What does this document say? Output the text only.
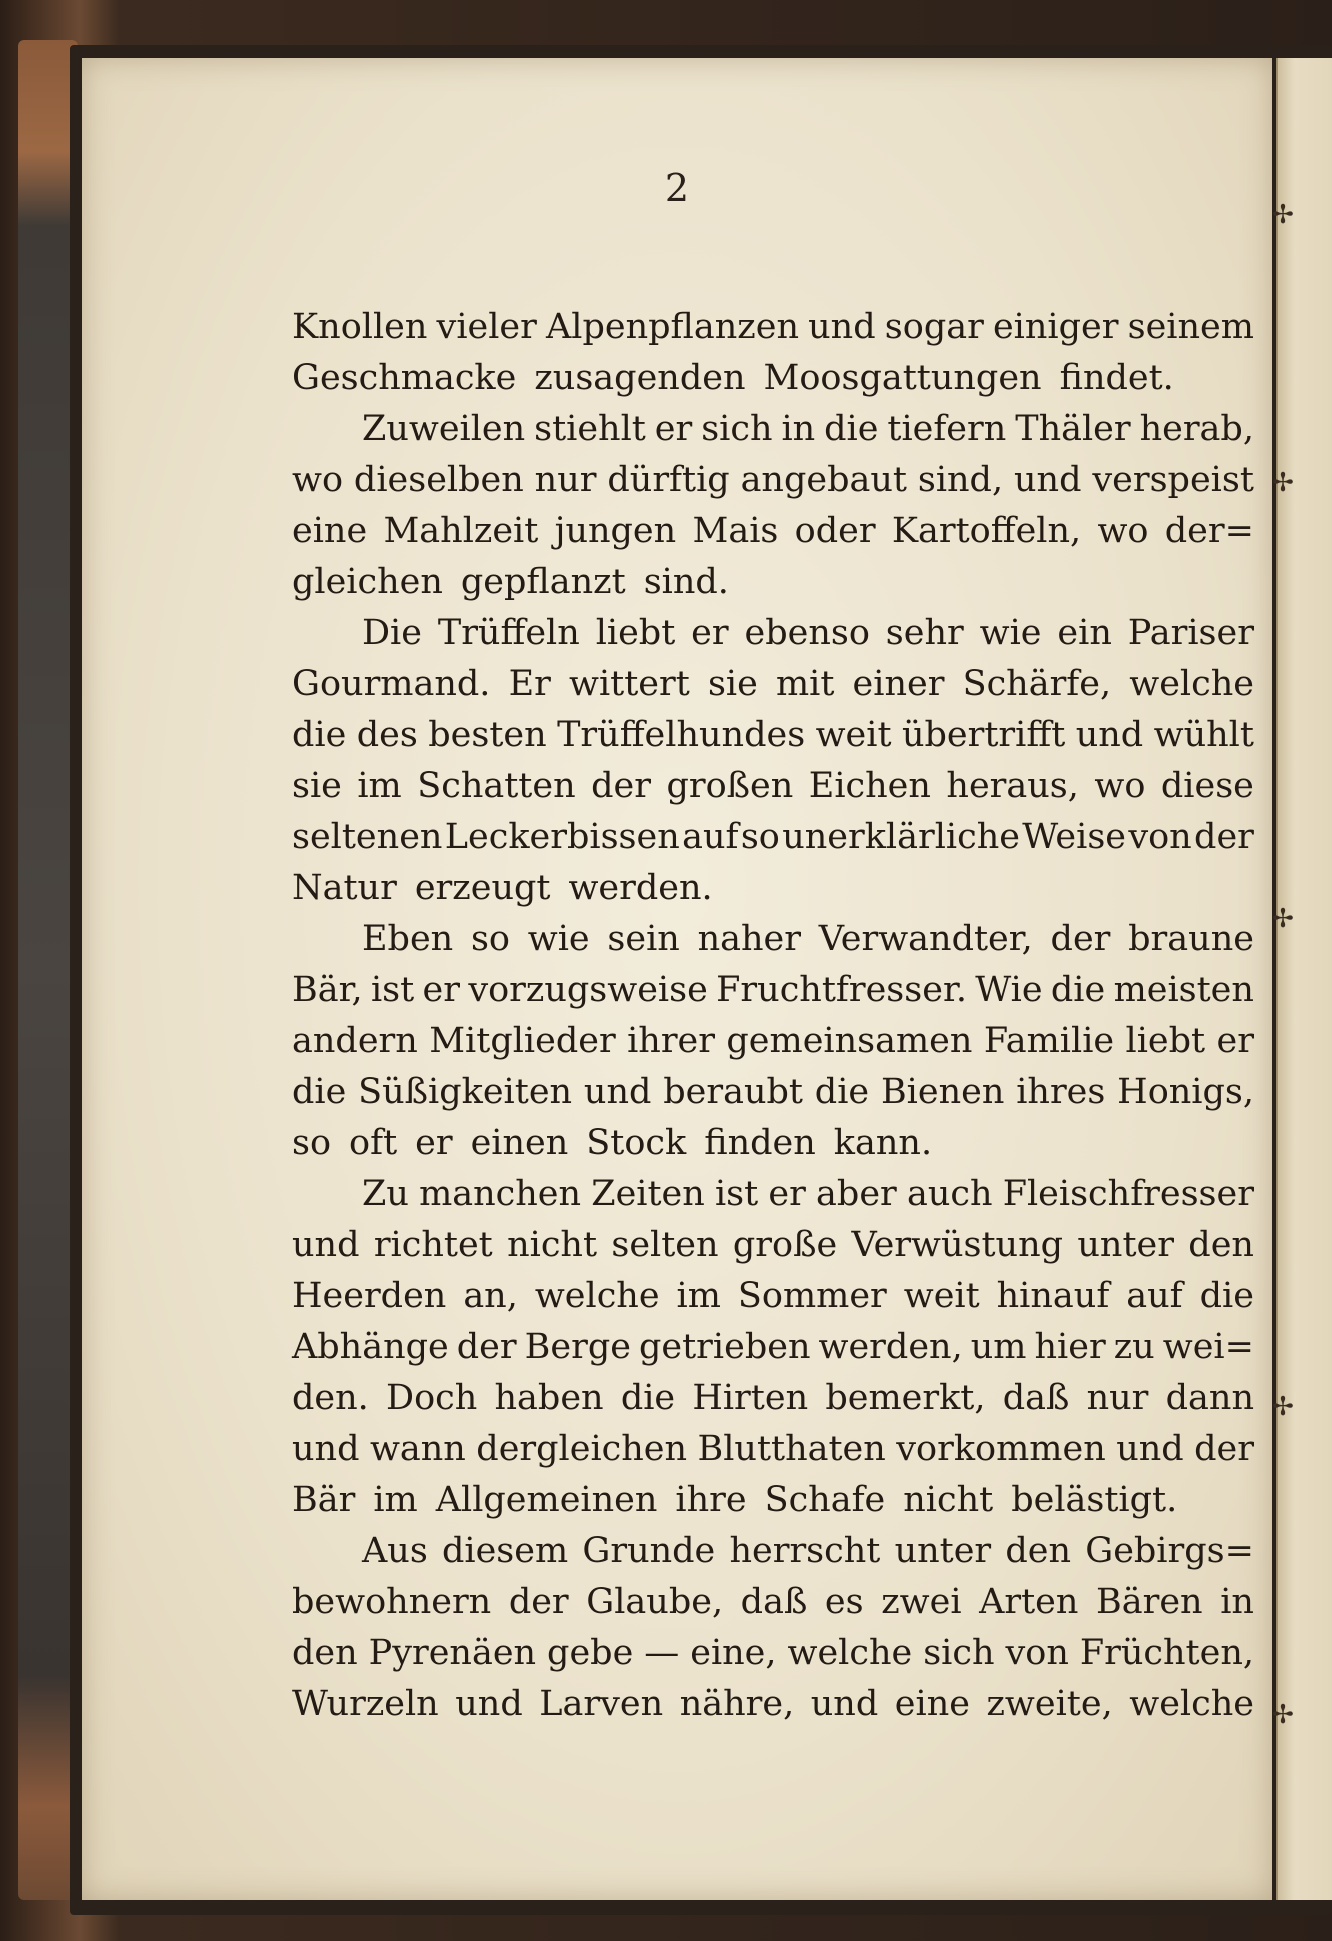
2
Knollen vieler Alpenpflanzen und sogar einiger seinem
Geschmacke zusagenden Moosgattungen findet.
Zuweilen stiehlt er sich in die tiefern Thäler herab,
wo dieselben nur dürftig angebaut sind, und verspeist
eine Mahlzeit jungen Mais oder Kartoffeln, wo der=
gleichen gepflanzt sind.
Die Trüffeln liebt er ebenso sehr wie ein Pariser
Gourmand. Er wittert sie mit einer Schärfe, welche
die des besten Trüffelhundes weit übertrifft und wühlt
sie im Schatten der großen Eichen heraus, wo diese
seltenen Leckerbissen auf so unerklärliche Weise von der
Natur erzeugt werden.
Eben so wie sein naher Verwandter, der braune
Bär, ist er vorzugsweise Fruchtfresser. Wie die meisten
andern Mitglieder ihrer gemeinsamen Familie liebt er
die Süßigkeiten und beraubt die Bienen ihres Honigs,
so oft er einen Stock finden kann.
Zu manchen Zeiten ist er aber auch Fleischfresser
und richtet nicht selten große Verwüstung unter den
Heerden an, welche im Sommer weit hinauf auf die
Abhänge der Berge getrieben werden, um hier zu wei=
den. Doch haben die Hirten bemerkt, daß nur dann
und wann dergleichen Blutthaten vorkommen und der
Bär im Allgemeinen ihre Schafe nicht belästigt.
Aus diesem Grunde herrscht unter den Gebirgs=
bewohnern der Glaube, daß es zwei Arten Bären in
den Pyrenäen gebe — eine, welche sich von Früchten,
Wurzeln und Larven nähre, und eine zweite, welche
✢
✢
✢
✢
✢
